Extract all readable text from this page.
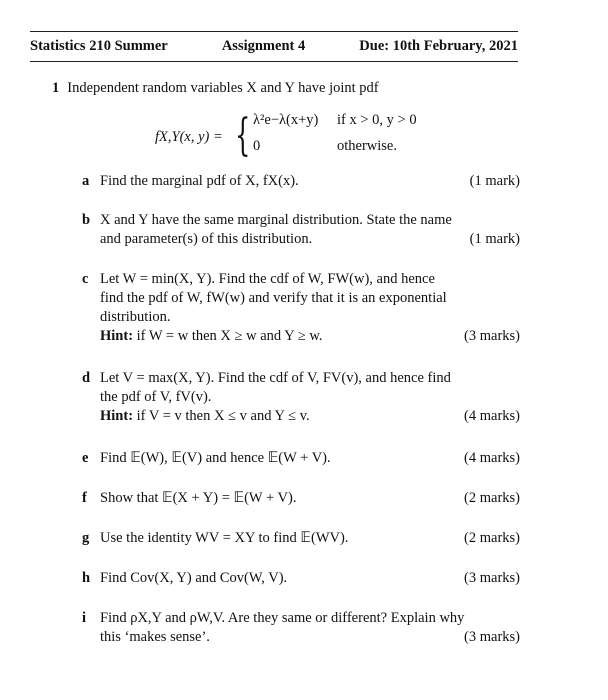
Statistics 210 Summer	Assignment 4	Due: 10th February, 2021
1 Independent random variables X and Y have joint pdf
fX,Y(x, y) = { λ²e−λ(x+y) if x > 0, y > 0
0	otherwise.
a	(1 mark)
Find the marginal pdf of X, fX(x).
b X and Y have the same marginal distribution. State the name
(1 mark)
and parameter(s) of this distribution.
c Let W = min(X, Y). Find the cdf of W, FW(w), and hence
find the pdf of W, fW(w) and verify that it is an exponential
distribution.
(3 marks)
Hint: if W = w then X ≥ w and Y ≥ w.
d Let V = max(X, Y). Find the cdf of V, FV(v), and hence find
the pdf of V, fV(v).
(4 marks)
Hint: if V = v then X ≤ v and Y ≤ v.
e	(4 marks)
Find 𝔼(W), 𝔼(V) and hence 𝔼(W + V).
f	(2 marks)
Show that 𝔼(X + Y) = 𝔼(W + V).
g	(2 marks)
Use the identity WV = XY to find 𝔼(WV).
h	(3 marks)
Find Cov(X, Y) and Cov(W, V).
i Find ρX,Y and ρW,V. Are they same or different? Explain why
(3 marks)
this ‘makes sense’.
